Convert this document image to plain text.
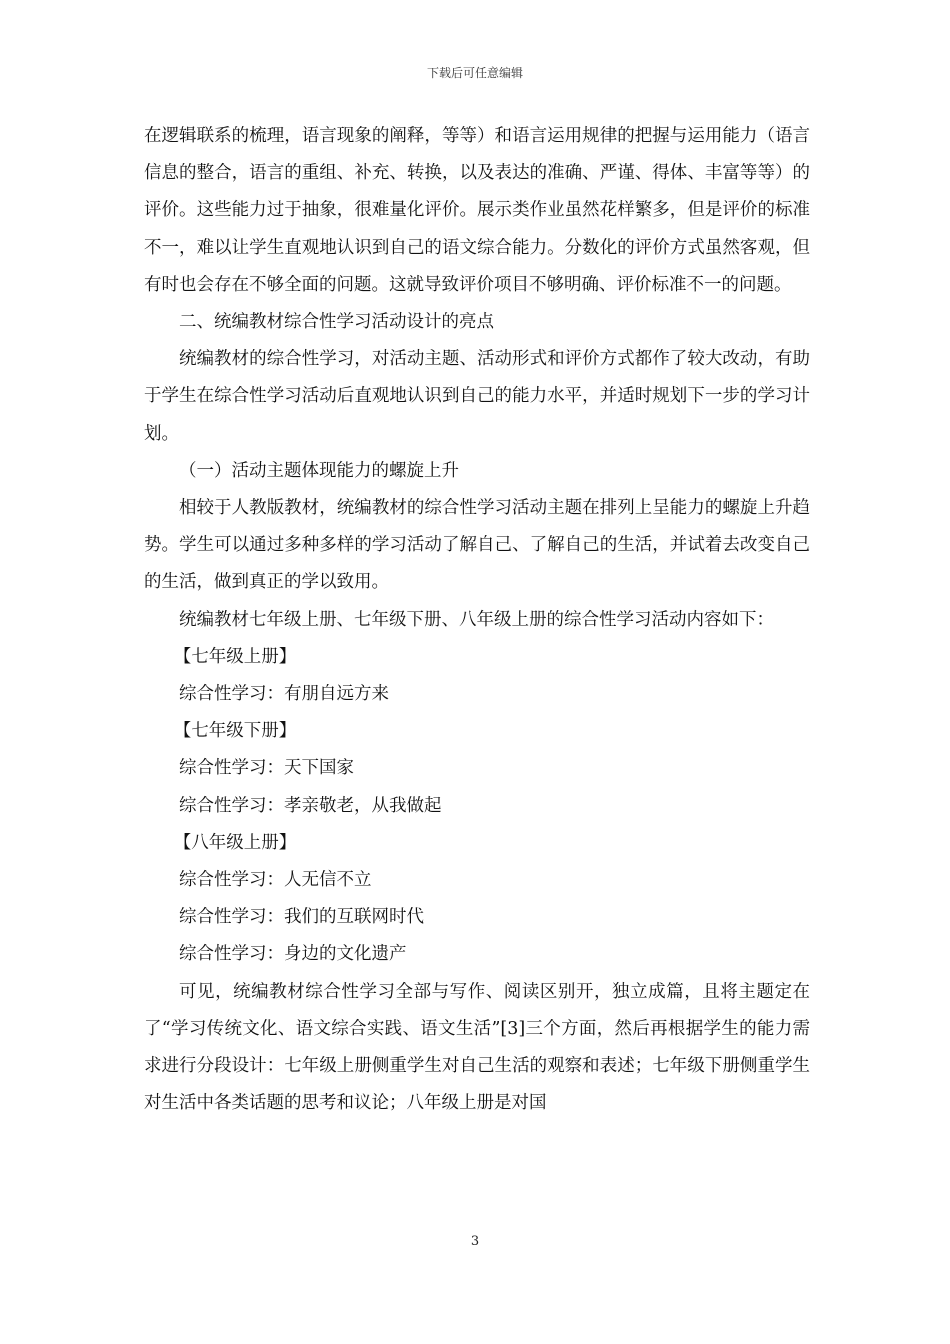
下载后可任意编辑

在逻辑联系的梳理，语言现象的阐释，等等）和语言运用规律的把握与运用能力（语言信息的整合，语言的重组、补充、转换，以及表达的准确、严谨、得体、丰富等等）的评价。这些能力过于抽象，很难量化评价。展示类作业虽然花样繁多，但是评价的标准不一，难以让学生直观地认识到自己的语文综合能力。分数化的评价方式虽然客观，但有时也会存在不够全面的问题。这就导致评价项目不够明确、评价标准不一的问题。

二、统编教材综合性学习活动设计的亮点

统编教材的综合性学习，对活动主题、活动形式和评价方式都作了较大改动，有助于学生在综合性学习活动后直观地认识到自己的能力水平，并适时规划下一步的学习计划。

（一）活动主题体现能力的螺旋上升

相较于人教版教材，统编教材的综合性学习活动主题在排列上呈能力的螺旋上升趋势。学生可以通过多种多样的学习活动了解自己、了解自己的生活，并试着去改变自己的生活，做到真正的学以致用。

统编教材七年级上册、七年级下册、八年级上册的综合性学习活动内容如下：

【七年级上册】

综合性学习：有朋自远方来

【七年级下册】

综合性学习：天下国家

综合性学习：孝亲敬老，从我做起

【八年级上册】

综合性学习：人无信不立

综合性学习：我们的互联网时代

综合性学习：身边的文化遗产

可见，统编教材综合性学习全部与写作、阅读区别开，独立成篇，且将主题定在了“学习传统文化、语文综合实践、语文生活”[3]三个方面，然后再根据学生的能力需求进行分段设计：七年级上册侧重学生对自己生活的观察和表述；七年级下册侧重学生对生活中各类话题的思考和议论；八年级上册是对国

3
